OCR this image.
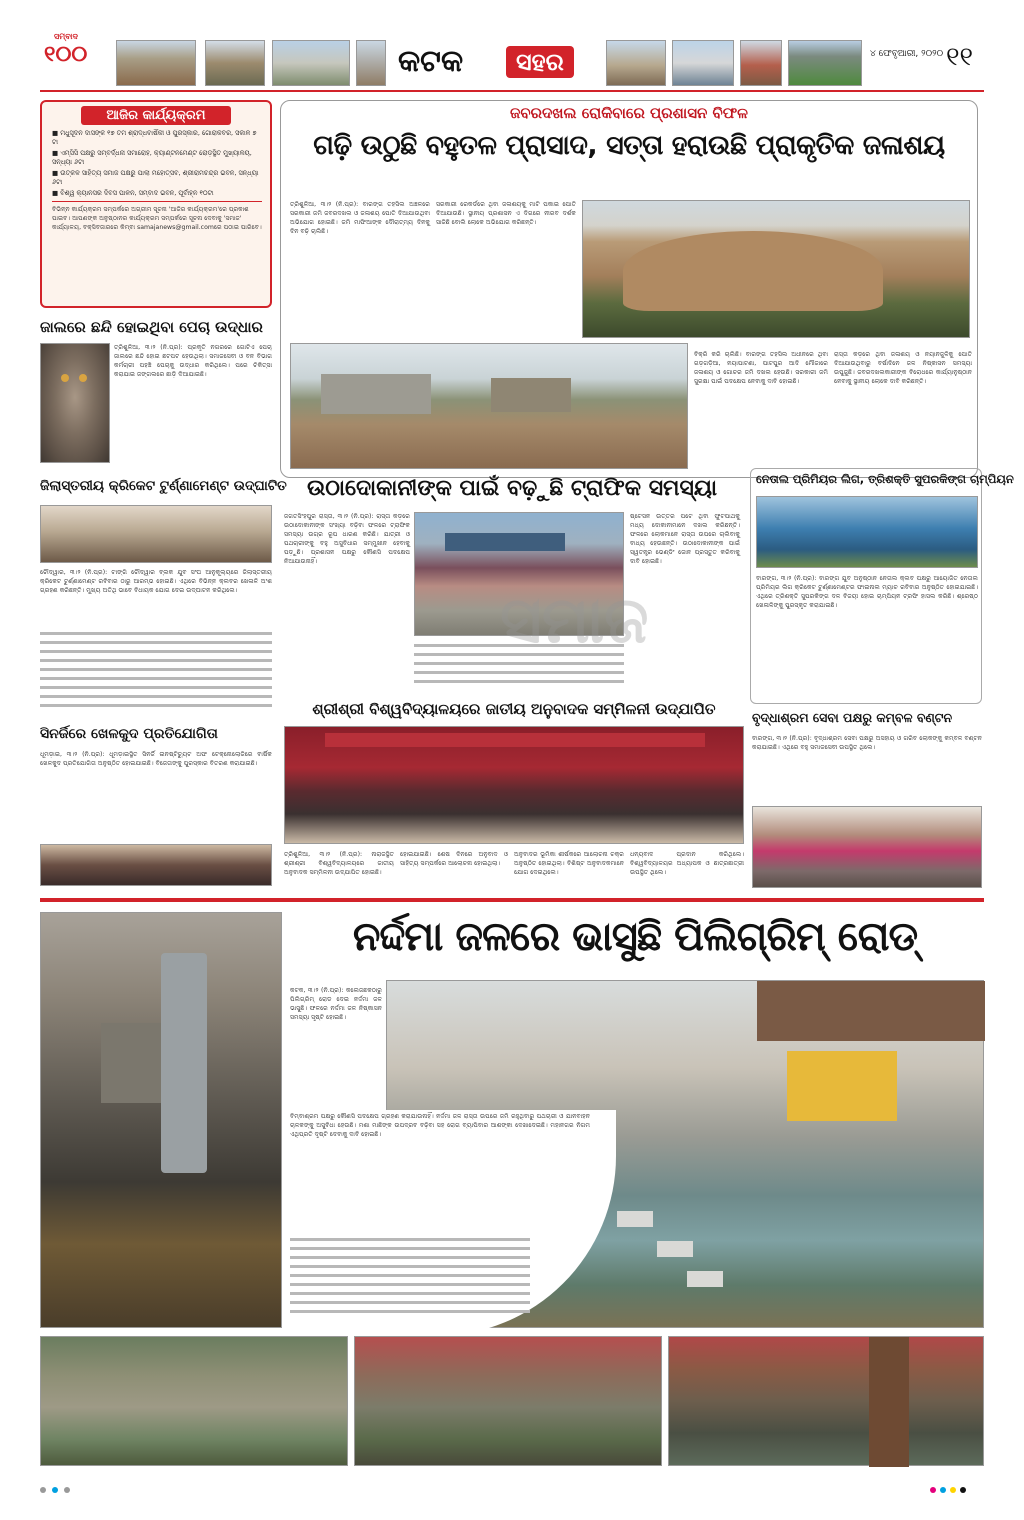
ସମ୍ବାଦ
୧୦୦	କଟକ	ସହର	୪ ଫେବୃଆରୀ, ୨୦୨୦ ୧୧
ଆଜିର କାର୍ଯ୍ୟକ୍ରମ
■ ମଧୁସୂଦନ ଦାସଙ୍କ ୧୭ ତମ ଶ୍ରାଦ୍ଧବାର୍ଷିକୀ ଓ ପୁରସ୍କାର, ଗୋରାକବର, ସକାଳ ୭ ଟା
■ ଏମ୍‌ସିସି ପକ୍ଷରୁ ସମ୍ବର୍ଦ୍ଧନା ସମାରୋହ, କ୍ୟାଣ୍ଟନମେଣ୍ଟ ରୋଡ଼ସ୍ଥିତ ମୁଖ୍ୟାଳୟ, ସନ୍ଧ୍ୟା ୬ଟା
■ ଉତ୍କଳ ସାହିତ୍ୟ ସମାଜ ପକ୍ଷରୁ ପାଲା ମହୋତ୍ସବ, ଶ୍ରୀରାମଚନ୍ଦ୍ର ଭବନ, ସନ୍ଧ୍ୟା ୬ଟା
■ ବିଶ୍ୱ କ୍ୟାନସର ଦିବସ ପାଳନ, ସମ୍ବାଦ ଭବନ, ପୂର୍ବାହ୍ନ ୧୦ଟା
ବିଭିନ୍ନ କାର୍ଯ୍ୟକ୍ରମ ସମ୍ପର୍କରେ ଅଗ୍ରୀମ ସୂଚନା 'ଆଜିର କାର୍ଯ୍ୟକ୍ରମ'ରେ ପ୍ରକାଶ ପାଇବ। ଆପଣଙ୍କ ଅନୁଷ୍ଠାନର କାର୍ଯ୍ୟକ୍ରମ ସମ୍ପର୍କରେ ସୂଚନା ଦେବାକୁ 'ସମାଜ' କାର୍ଯ୍ୟାଳୟ, ବକ୍ସିବଜାରରେ କିମ୍ବା samajanews@gmail.comରେ ପଠାଇ ପାରିବେ।
ଜାଲରେ ଛନ୍ଦି ହୋଇଥିବା ପେଚା ଉଦ୍ଧାର
ତ୍ରିଶୁଳିଆ, ୩।୨ (ନି.ପ୍ର): ପ୍ରକୃତି ନଗରରେ ଗୋଟିଏ ପେଚା ଜାଲରେ ଛନ୍ଦି ହୋଇ ଛଟପଟ ହେଉଥିଲା। ସମାଜସେବୀ ଓ ବନ ବିଭାଗ କର୍ମଚାରୀ ପହଞ୍ଚି ପେଚାକୁ ଉଦ୍ଧାର କରିଥିଲେ। ପରେ ଚିକିତ୍ସା କରାଯାଇ ଜଙ୍ଗଲରେ ଛାଡ଼ି ଦିଆଯାଇଛି।
ଜିଲାସ୍ତରୀୟ କ୍ରିକେଟ ଟୁର୍ଣ୍ଣାମେଣ୍ଟ ଉଦ୍‌ଘାଟିତ
ଚୌଦ୍ୱାର, ୩।୨ (ନି.ପ୍ର): ଟାଙ୍ଗି ଚୌଦ୍ୱାର ବ୍ଲକ ଯୁବ ସଂଘ ଆନୁକୂଲ୍ୟରେ ଜିଲାସ୍ତରୀୟ କ୍ରିକେଟ ଟୁର୍ଣ୍ଣାମେଣ୍ଟ ରବିବାର ଠାରୁ ଆରମ୍ଭ ହୋଇଛି। ଏଥିରେ ବିଭିନ୍ନ କ୍ଲବର ଖେଳାଳି ଅଂଶ ଗ୍ରହଣ କରିଛନ୍ତି। ମୁଖ୍ୟ ଅତିଥି ଭାବେ ବିଧାୟକ ଯୋଗ ଦେଇ ଉଦ୍‌ଘାଟନ କରିଥିଲେ।
ସିନର୍ଜିରେ ଖେଳକୁଦ ପ୍ରତିଯୋଗିତା
ଧୂମଡ଼ାଇ, ୩।୨ (ନି.ପ୍ର): ଧୂମଡ଼ାଇସ୍ଥିତ ସିନର୍ଜି ଇନଷ୍ଟିଚ୍ୟୁଟ ଅଫ ଟେକ୍ନୋଲୋଜିରେ ବାର୍ଷିକ ଖେଳକୁଦ ପ୍ରତିଯୋଗିତା ଅନୁଷ୍ଠିତ ହୋଇଯାଇଛି। ବିଜେତାଙ୍କୁ ପୁରସ୍କାର ବିତରଣ କରାଯାଇଛି।
ଜବରଦଖଲ ରୋକିବାରେ ପ୍ରଶାସନ ବିଫଳ
ଗଢ଼ି ଉଠୁଛି ବହୁତଳ ପ୍ରାସାଦ, ସତ୍ତା ହରାଉଛି ପ୍ରାକୃତିକ ଜଳାଶୟ
ତ୍ରିଶୁଳିଆ, ୩।୨ (ନି.ପ୍ର): ବାରଙ୍ଗ ତହସିଲ ଅଞ୍ଚଳରେ ସରକାରୀ ଜମି ଜବରଦଖଲ ଓ ଜଳାଶୟ ପୋତି ଦିଆଯାଉଥିବା ଅଭିଯୋଗ ହୋଇଛି। ଜମି ମାଫିଆଙ୍କ ଦୌରାତ୍ମ୍ୟ ଦିନକୁ ଦିନ ବଢ଼ି ଚାଲିଛି।
ସରକାରୀ ରେକର୍ଡରେ ଥିବା ଜଳାଶୟକୁ ମାଟି ପକାଇ ପୋତି ଦିଆଯାଉଛି। ସ୍ଥାନୀୟ ପ୍ରଶାସନ ଏ ଦିଗରେ ନୀରବ ଦର୍ଶକ ସାଜିଛି ବୋଲି ଲୋକେ ଅଭିଯୋଗ କରିଛନ୍ତି।
ବିକ୍ରି କରି ଚାଲିଛି। ବାରଙ୍ଗ ତହସିଲ ଅଧୀନରେ ଥିବା ଗଡ଼ଗଡ଼ିଆ, ନୟାପାଟଣା, ପାଟପୁର ଆଦି ମୌଜାରେ ଜଳାଶୟ ଓ ଗୋଚର ଜମି ଦଖଲ ହେଉଛି। ସରକାରୀ ଜମି ସୁରକ୍ଷା ପାଇଁ ପଦକ୍ଷେପ ନେବାକୁ ଦାବି ହୋଇଛି।
ରାସ୍ତା କଡ଼ରେ ଥିବା ଜଳାଶୟ ଓ ନୟାନଜୁଳିକୁ ପୋତି ଦିଆଯାଉଥିବାରୁ ବର୍ଷାଦିନେ ଜଳ ନିଷ୍କାସନ ସମସ୍ୟା ଉପୁଜୁଛି। ଜବରଦଖଲକାରୀଙ୍କ ବିରୋଧରେ କାର୍ଯ୍ୟାନୁଷ୍ଠାନ ନେବାକୁ ସ୍ଥାନୀୟ ଲୋକେ ଦାବି କରିଛନ୍ତି।
ଉଠାଦୋକାନୀଙ୍କ ପାଇଁ ବଢ଼ୁଛି ଟ୍ରାଫିକ ସମସ୍ୟା
ଜଗତସିଂହପୁର ରାସ୍ତା, ୩।୨ (ନି.ପ୍ର): ରାସ୍ତା କଡ଼ରେ ଉଠାଦୋକାନୀଙ୍କ ସଂଖ୍ୟା ବଢ଼ିବା ଫଳରେ ଟ୍ରାଫିକ ସମସ୍ୟା ଉଗ୍ର ରୂପ ଧାରଣ କରିଛି। ଯାତ୍ରୀ ଓ ପଥଚାରୀଙ୍କୁ ବହୁ ଅସୁବିଧାର ସମ୍ମୁଖୀନ ହେବାକୁ ପଡ଼ୁଛି। ପ୍ରଶାସନ ପକ୍ଷରୁ କୌଣସି ପଦକ୍ଷେପ ନିଆଯାଉନାହିଁ।
ଷ୍ଟେସନ ଉତ୍ତର ପଟେ ଥିବା ଫୁଟପାଥକୁ ମଧ୍ୟ ଦୋକାନୀମାନେ ଦଖଲ କରିଛନ୍ତି। ଫଳରେ ଲୋକମାନେ ରାସ୍ତା ଉପରେ ଚାଲିବାକୁ ବାଧ୍ୟ ହେଉଛନ୍ତି। ଉଠାଦୋକାନୀଙ୍କ ପାଇଁ ସ୍ୱତନ୍ତ୍ର ଭେଣ୍ଡିଂ ଜୋନ ପ୍ରସ୍ତୁତ କରିବାକୁ ଦାବି ହୋଇଛି।
ନେତାଲ ପ୍ରିମିୟର ଲିଗ, ତ୍ରିଶକ୍ତି ସୁପରକିଙ୍ଗ ଚାମ୍ପିୟନ
ବାରଙ୍ଗ, ୩।୨ (ନି.ପ୍ର): ବାରଙ୍ଗ ଯୁବ ଅନୁଷ୍ଠାନ ନେତାଲ କ୍ଲବ ପକ୍ଷରୁ ଆୟୋଜିତ ନେତାଲ ପ୍ରିମିୟର ଲିଗ କ୍ରିକେଟ ଟୁର୍ଣ୍ଣାମେଣ୍ଟର ଫାଇନାଲ ମ୍ୟାଚ ରବିବାର ଅନୁଷ୍ଠିତ ହୋଇଯାଇଛି। ଏଥିରେ ତ୍ରିଶକ୍ତି ସୁପରକିଙ୍ଗ ଦଳ ବିଜୟୀ ହୋଇ ଚାମ୍ପିୟନ ଟ୍ରଫି ହାସଲ କରିଛି। ଶ୍ରେଷ୍ଠ ଖେଳାଳିଙ୍କୁ ପୁରସ୍କୃତ କରାଯାଇଛି।
ସମାଜ
ଶ୍ରୀଶ୍ରୀ ବିଶ୍ୱବିଦ୍ୟାଳୟରେ ଜାତୀୟ ଅନୁବାଦକ ସମ୍ମିଳନୀ ଉଦ୍‌ଯାପିତ
ତ୍ରିଶୁଳିଆ, ୩।୨ (ନି.ପ୍ର): ନାରାଜସ୍ଥିତ ଶ୍ରୀଶ୍ରୀ ବିଶ୍ୱବିଦ୍ୟାଳୟରେ ଜାତୀୟ ଅନୁବାଦକ ସମ୍ମିଳନୀ ଉଦ୍‌ଯାପିତ ହୋଇଛି।
ହୋଇଯାଇଛି। ଶେଷ ଦିନରେ ଅନୁବାଦ ଓ ସାହିତ୍ୟ ସମ୍ପର୍କରେ ଆଲୋଚନା ହୋଇଥିଲା।
ଅନୁବାଦର ଭୂମିକା ଶୀର୍ଷକରେ ଆଲୋଚନା ଚକ୍ର ଅନୁଷ୍ଠିତ ହୋଇଥିଲା। ବିଶିଷ୍ଟ ଅନୁବାଦକମାନେ ଯୋଗ ଦେଇଥିଲେ।
ଧନ୍ୟବାଦ ପ୍ରଦାନ କରିଥିଲେ। ବିଶ୍ୱବିଦ୍ୟାଳୟର ଅଧ୍ୟାପକ ଓ ଛାତ୍ରଛାତ୍ରୀ ଉପସ୍ଥିତ ଥିଲେ।
ବୃଦ୍ଧାଶ୍ରମ ସେବା ପକ୍ଷରୁ କମ୍ବଳ ବଣ୍ଟନ
ବାରଙ୍ଗ, ୩।୨ (ନି.ପ୍ର): ବୃଦ୍ଧାଶ୍ରମ ସେବା ପକ୍ଷରୁ ଅସହାୟ ଓ ଗରିବ ଲୋକଙ୍କୁ କମ୍ବଳ ବଣ୍ଟନ କରାଯାଇଛି। ଏଥିରେ ବହୁ ସମାଜସେବୀ ଉପସ୍ଥିତ ଥିଲେ।
ନର୍ଦ୍ଦମା ଜଳରେ ଭାସୁଛି ପିଲିଗ୍ରିମ୍ ରୋଡ୍
କଟକ, ୩।୨ (ନି.ପ୍ର): କଲେଜଛକଠାରୁ ପିଲିଗ୍ରିମ୍ ରୋଡ ଦେଇ ନର୍ଦ୍ଦମା ଜଳ ଭାସୁଛି। ଫଳରେ ନର୍ଦ୍ଦମା ଜଳ ନିଷ୍କାସନ ସମସ୍ୟା ସୃଷ୍ଟି ହୋଇଛି।
ବିମ୍ବାଶ୍ରମ ପକ୍ଷରୁ କୌଣସି ପଦକ୍ଷେପ ଗ୍ରହଣ କରାଯାଉନାହିଁ। ନର୍ଦ୍ଦମା ଜଳ ରାସ୍ତା ଉପରେ ଜମି ରହୁଥିବାରୁ ପଥଚାରୀ ଓ ଯାନବାହନ ଚାଳକଙ୍କୁ ଅସୁବିଧା ହେଉଛି। ମଶା ମାଛିଙ୍କ ଉପଦ୍ରବ ବଢ଼ିବା ସହ ରୋଗ ବ୍ୟାପିବାର ଆଶଙ୍କା ଦେଖାଦେଇଛି। ମହାନଗର ନିଗମ ଏଥିପ୍ରତି ଦୃଷ୍ଟି ଦେବାକୁ ଦାବି ହୋଇଛି।
